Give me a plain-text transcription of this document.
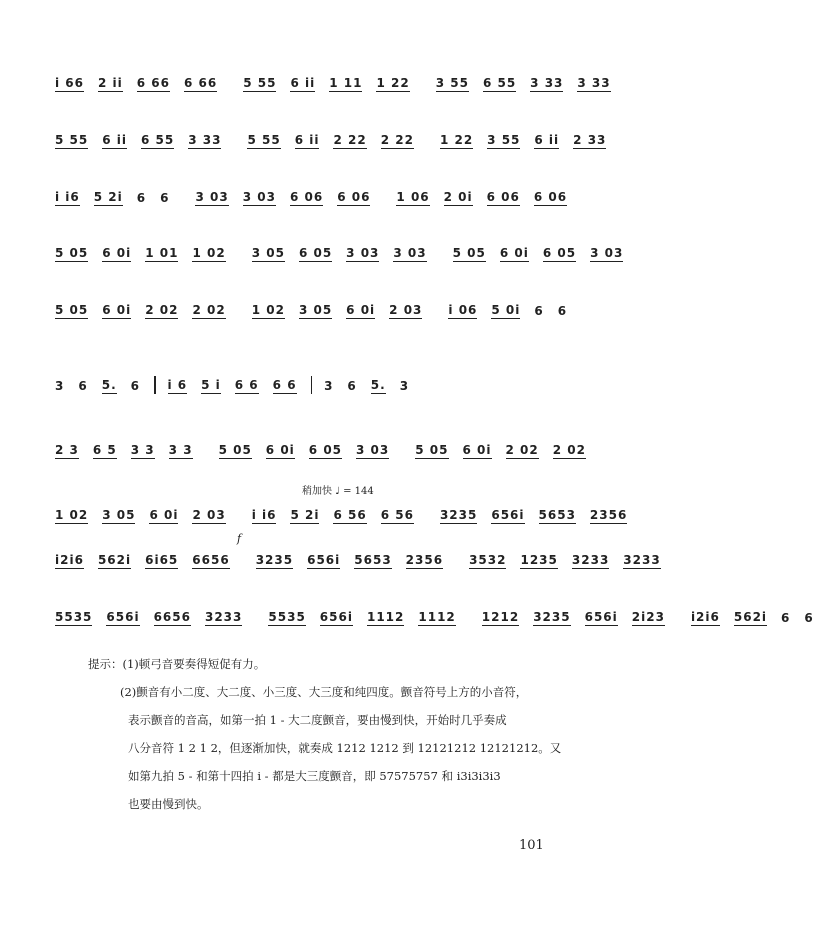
i 66 2 ii 6 66 6 66 5 55 6 ii 1 11 1 22 3 55 6 55 3 33 3 33
5 55 6 ii 6 55 3 33 5 55 6 ii 2 22 2 22 1 22 3 55 6 ii 2 33
i i6 5 2i 6 6 3 03 3 03 6 06 6 06 1 06 2 0i 6 06 6 06
5 05 6 0i 1 01 1 02 3 05 6 05 3 03 3 03 5 05 6 0i 6 05 3 03
5 05 6 0i 2 02 2 02 1 02 3 05 6 0i 2 03 i 06 5 0i 6 6
3 6 5. 6 i 6 5 i 6 6 6 6 3 6 5. 3
2 3 6 5 3 3 3 3 5 05 6 0i 6 05 3 03 5 05 6 0i 2 02 2 02
1 02 3 05 6 0i 2 03 i i6 5 2i 6 56 6 56 3235 656i 5653 2356
i2i6 562i 6i65 6656 3235 656i 5653 2356 3532 1235 3233 3233
5535 656i 6656 3233 5535 656i 1112 1112 1212 3235 656i 2i23 i2i6 562i 6 6
稍加快 ♩ = 144
f

提示：(1)顿弓音要奏得短促有力。

(2)颤音有小二度、大二度、小三度、大三度和纯四度。颤音符号上方的小音符，

表示颤音的音高，如第一拍 1 - 大二度颤音，要由慢到快，开始时几乎奏成

八分音符 1 2 1 2，但逐渐加快，就奏成 1212 1212 到 12121212 12121212。又

如第九拍 5 - 和第十四拍 i - 都是大三度颤音，即 57575757 和 i3i3i3i3

也要由慢到快。

101
